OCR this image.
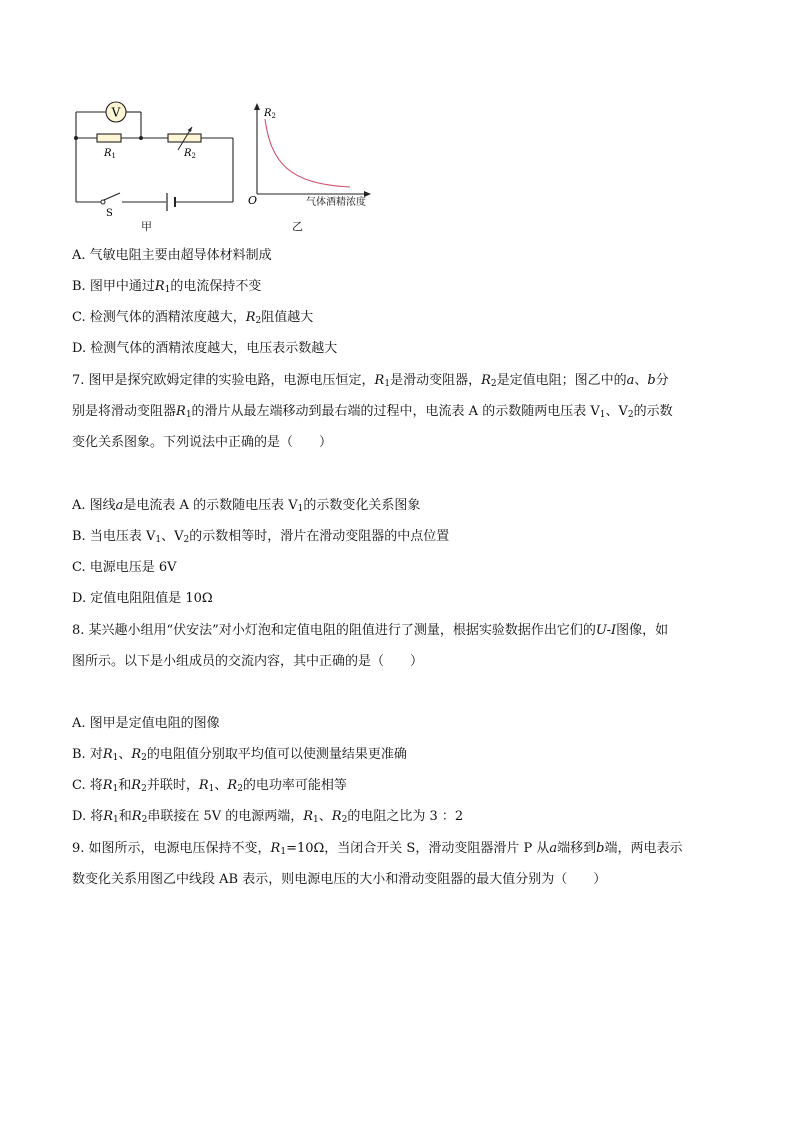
V
$R_1$	$R_2$
S
$R_2$
O	气体酒精浓度
甲	乙
A. 气敏电阻主要由超导体材料制成
B. 图甲中通过$R_1$的电流保持不变
C. 检测气体的酒精浓度越大，$R_2$阻值越大
D. 检测气体的酒精浓度越大，电压表示数越大
7. 图甲是探究欧姆定律的实验电路，电源电压恒定，$R_1$是滑动变阻器，$R_2$是定值电阻；图乙中的a、b分
别是将滑动变阻器$R_1$的滑片从最左端移动到最右端的过程中，电流表 A 的示数随两电压表 $V_1$、$V_2$的示数
变化关系图象。下列说法中正确的是（　　）
A. 图线a是电流表 A 的示数随电压表 $V_1$的示数变化关系图象
B. 当电压表 $V_1$、$V_2$的示数相等时，滑片在滑动变阻器的中点位置
C. 电源电压是 6V
D. 定值电阻阻值是 10Ω
8. 某兴趣小组用“伏安法”对小灯泡和定值电阻的阻值进行了测量，根据实验数据作出它们的U-I图像，如
图所示。以下是小组成员的交流内容，其中正确的是（　　）
A. 图甲是定值电阻的图像
B. 对$R_1$、$R_2$的电阻值分别取平均值可以使测量结果更准确
C. 将$R_1$和$R_2$并联时，$R_1$、$R_2$的电功率可能相等
D. 将$R_1$和$R_2$串联接在 5V 的电源两端，$R_1$、$R_2$的电阻之比为 3 ：2
9. 如图所示，电源电压保持不变，$R_1=10\Omega$，当闭合开关 S，滑动变阻器滑片 P 从a端移到b端，两电表示
数变化关系用图乙中线段 AB 表示，则电源电压的大小和滑动变阻器的最大值分别为（　　）
